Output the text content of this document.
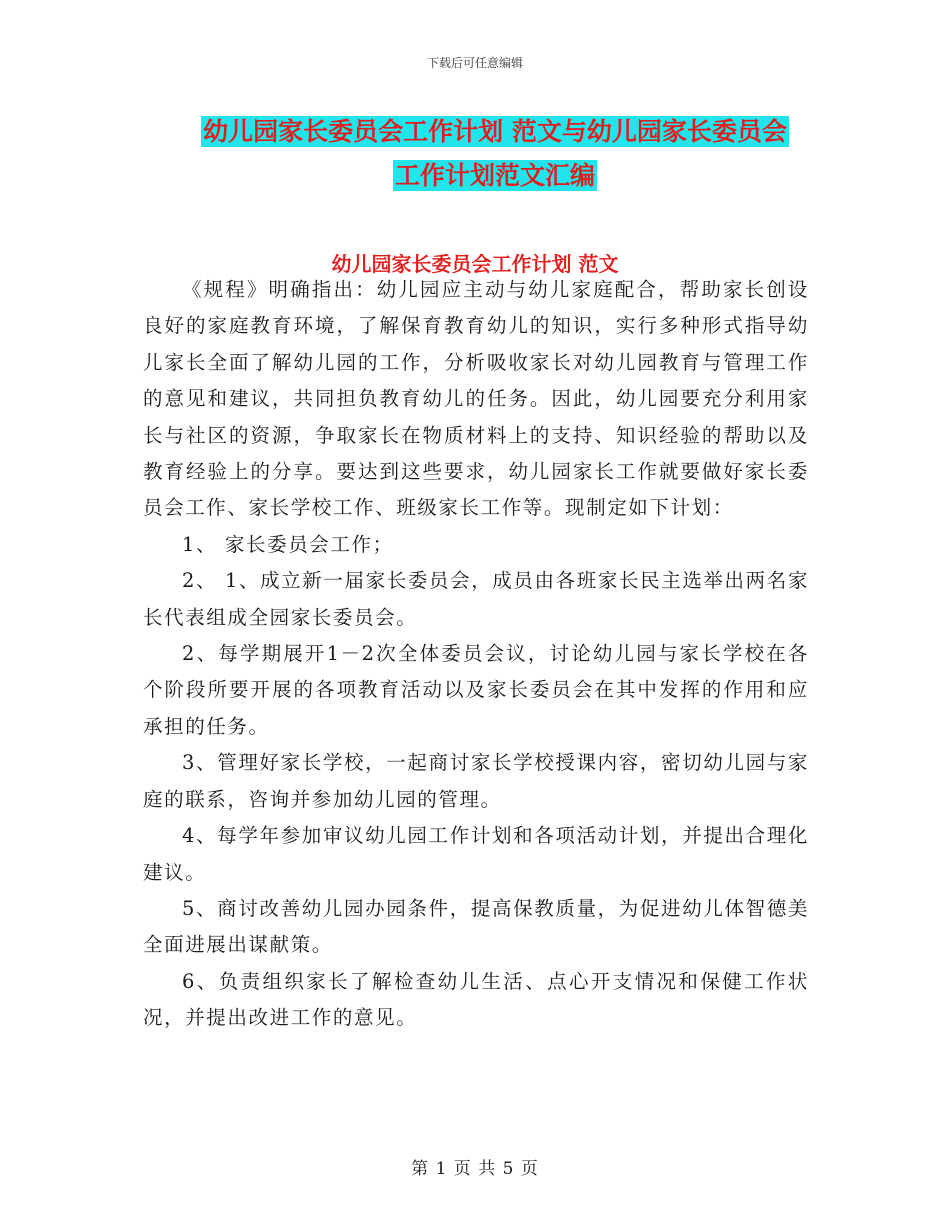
下载后可任意编辑
幼儿园家长委员会工作计划 范文与幼儿园家长委员会
工作计划范文汇编
幼儿园家长委员会工作计划 范文

《规程》明确指出：幼儿园应主动与幼儿家庭配合，帮助家长创设良好的家庭教育环境，了解保育教育幼儿的知识，实行多种形式指导幼儿家长全面了解幼儿园的工作，分析吸收家长对幼儿园教育与管理工作的意见和建议，共同担负教育幼儿的任务。因此，幼儿园要充分利用家长与社区的资源，争取家长在物质材料上的支持、知识经验的帮助以及教育经验上的分享。要达到这些要求，幼儿园家长工作就要做好家长委员会工作、家长学校工作、班级家长工作等。现制定如下计划：

1、 家长委员会工作；

2、 1、成立新一届家长委员会，成员由各班家长民主选举出两名家长代表组成全园家长委员会。

2、每学期展开1－2次全体委员会议，讨论幼儿园与家长学校在各个阶段所要开展的各项教育活动以及家长委员会在其中发挥的作用和应承担的任务。

3、管理好家长学校，一起商讨家长学校授课内容，密切幼儿园与家庭的联系，咨询并参加幼儿园的管理。

4、每学年参加审议幼儿园工作计划和各项活动计划，并提出合理化建议。

5、商讨改善幼儿园办园条件，提高保教质量，为促进幼儿体智德美全面进展出谋献策。

6、负责组织家长了解检查幼儿生活、点心开支情况和保健工作状况，并提出改进工作的意见。

第 1 页 共 5 页
